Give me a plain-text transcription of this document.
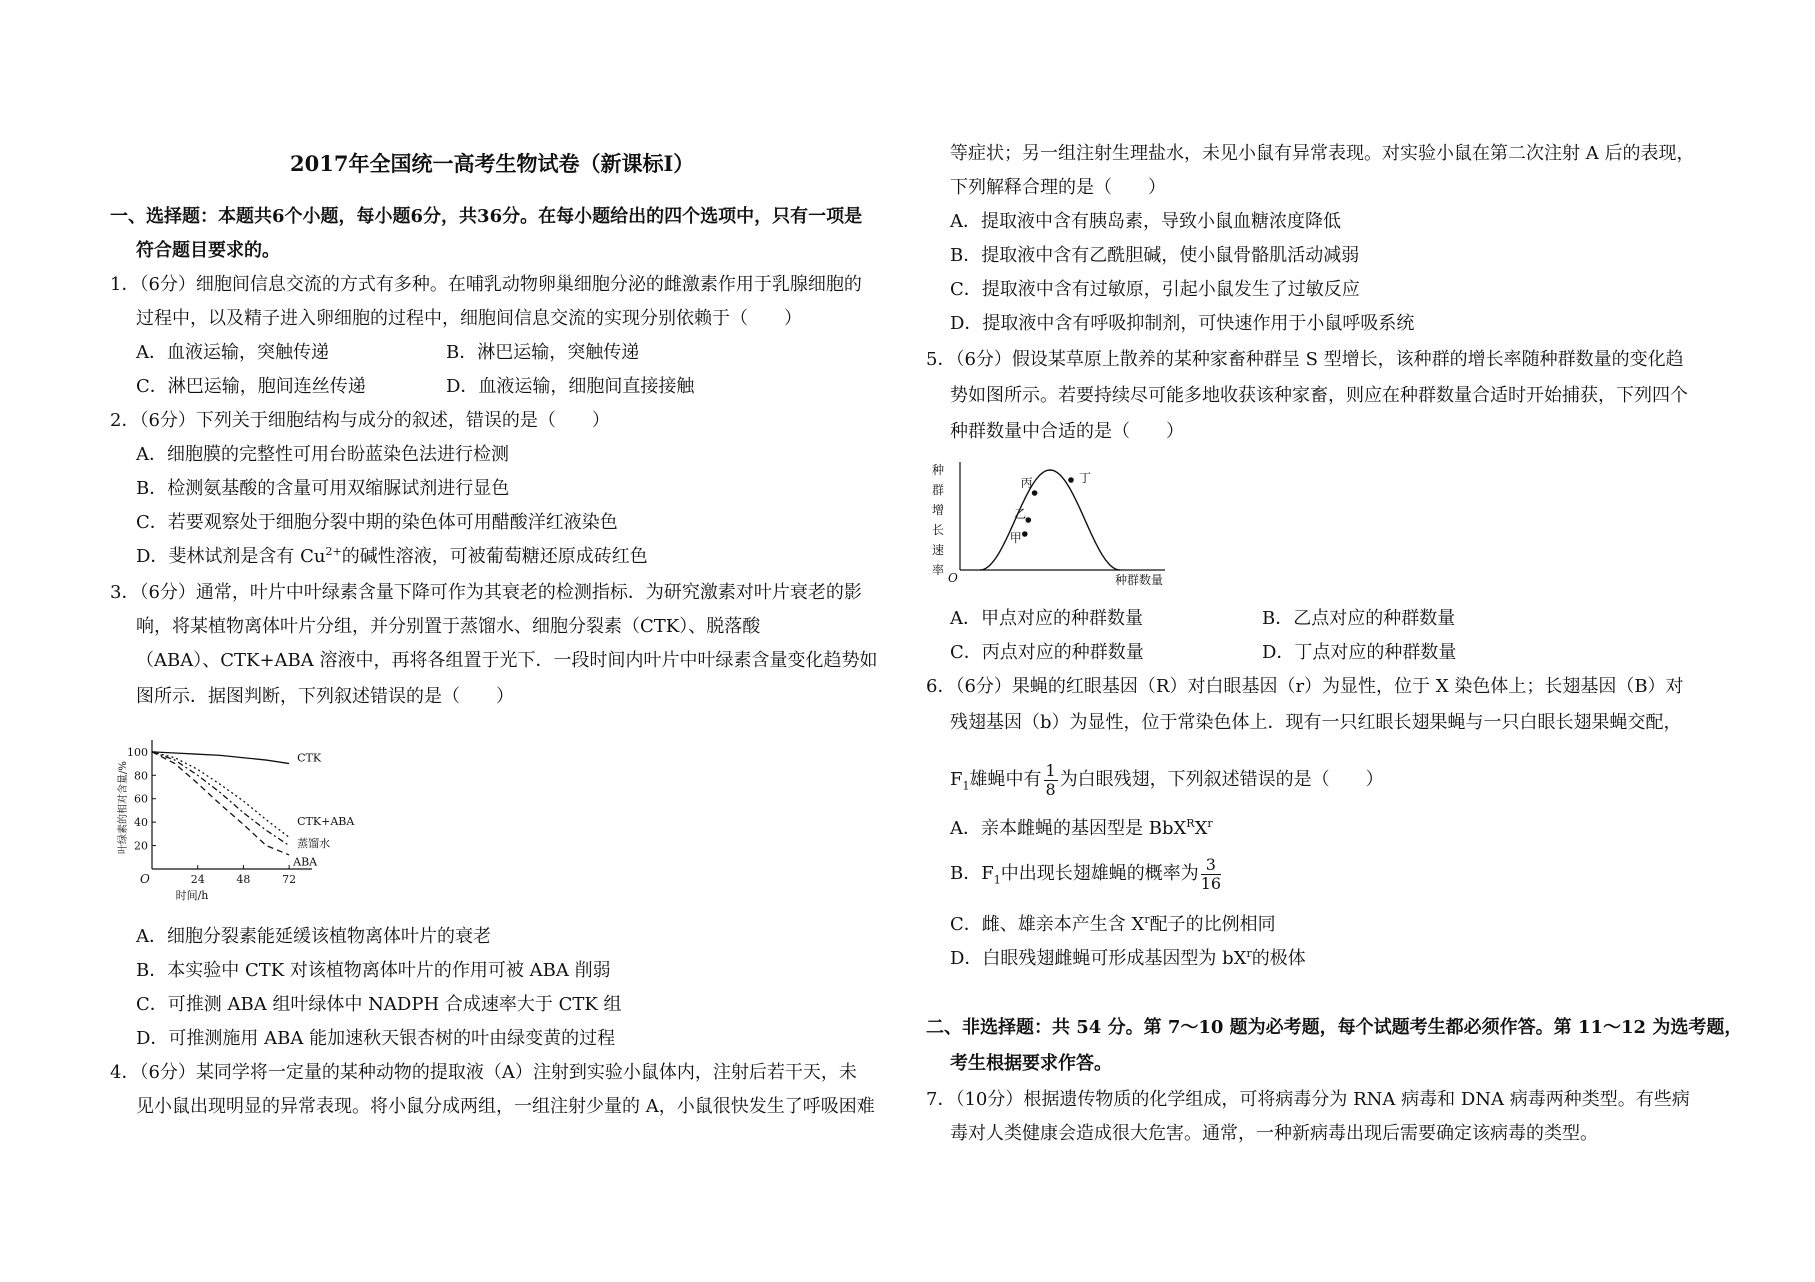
2017年全国统一高考生物试卷（新课标I）
一、选择题：本题共6个小题，每小题6分，共36分。在每小题给出的四个选项中，只有一项是
符合题目要求的。
1．（6分）细胞间信息交流的方式有多种。在哺乳动物卵巢细胞分泌的雌激素作用于乳腺细胞的
过程中，以及精子进入卵细胞的过程中，细胞间信息交流的实现分别依赖于（　　）
A．血液运输，突触传递	B．淋巴运输，突触传递
C．淋巴运输，胞间连丝传递	D．血液运输，细胞间直接接触
2．（6分）下列关于细胞结构与成分的叙述，错误的是（　　）
A．细胞膜的完整性可用台盼蓝染色法进行检测
B．检测氨基酸的含量可用双缩脲试剂进行显色
C．若要观察处于细胞分裂中期的染色体可用醋酸洋红液染色
D．斐林试剂是含有 $Cu^{2+}$的碱性溶液，可被葡萄糖还原成砖红色
3．（6分）通常，叶片中叶绿素含量下降可作为其衰老的检测指标．为研究激素对叶片衰老的影
响，将某植物离体叶片分组，并分别置于蒸馏水、细胞分裂素（CTK）、脱落酸
（ABA）、CTK+ABA 溶液中，再将各组置于光下．一段时间内叶片中叶绿素含量变化趋势如
图所示．据图判断，下列叙述错误的是（　　）
O
100
80
60
40
20
24	48	72
时间/h
叶绿素的相对含量/%
CTK
CTK+ABA
蒸馏水
ABA
A．细胞分裂素能延缓该植物离体叶片的衰老
B．本实验中 CTK 对该植物离体叶片的作用可被 ABA 削弱
C．可推测 ABA 组叶绿体中 NADPH 合成速率大于 CTK 组
D．可推测施用 ABA 能加速秋天银杏树的叶由绿变黄的过程
4．（6分）某同学将一定量的某种动物的提取液（A）注射到实验小鼠体内，注射后若干天，未
见小鼠出现明显的异常表现。将小鼠分成两组，一组注射少量的 A，小鼠很快发生了呼吸困难
等症状；另一组注射生理盐水，未见小鼠有异常表现。对实验小鼠在第二次注射 A 后的表现，
下列解释合理的是（　　）
A．提取液中含有胰岛素，导致小鼠血糖浓度降低
B．提取液中含有乙酰胆碱，使小鼠骨骼肌活动减弱
C．提取液中含有过敏原，引起小鼠发生了过敏反应
D．提取液中含有呼吸抑制剂，可快速作用于小鼠呼吸系统
5．（6分）假设某草原上散养的某种家畜种群呈 S 型增长，该种群的增长率随种群数量的变化趋
势如图所示。若要持续尽可能多地收获该种家畜，则应在种群数量合适时开始捕获，下列四个
种群数量中合适的是（　　）
O	种群数量
种
群
增
长
速
率
甲
乙
丙	丁
A．甲点对应的种群数量	B．乙点对应的种群数量
C．丙点对应的种群数量	D．丁点对应的种群数量
6．（6分）果蝇的红眼基因（R）对白眼基因（r）为显性，位于 X 染色体上；长翅基因（B）对
残翅基因（b）为显性，位于常染色体上．现有一只红眼长翅果蝇与一只白眼长翅果蝇交配，
$F_1$雄蝇中有 $\frac{1}{8}$ 为白眼残翅，下列叙述错误的是（　　）
A．亲本雌蝇的基因型是 $BbX^RX^r$
B．$F_1$中出现长翅雄蝇的概率为 $\frac{3}{16}$
C．雌、雄亲本产生含 $X^r$配子的比例相同
D．白眼残翅雌蝇可形成基因型为 $bX^r$的极体
二、非选择题：共 54 分。第 7～10 题为必考题，每个试题考生都必须作答。第 11～12 为选考题，
考生根据要求作答。
7．（10分）根据遗传物质的化学组成，可将病毒分为 RNA 病毒和 DNA 病毒两种类型。有些病
毒对人类健康会造成很大危害。通常，一种新病毒出现后需要确定该病毒的类型。
